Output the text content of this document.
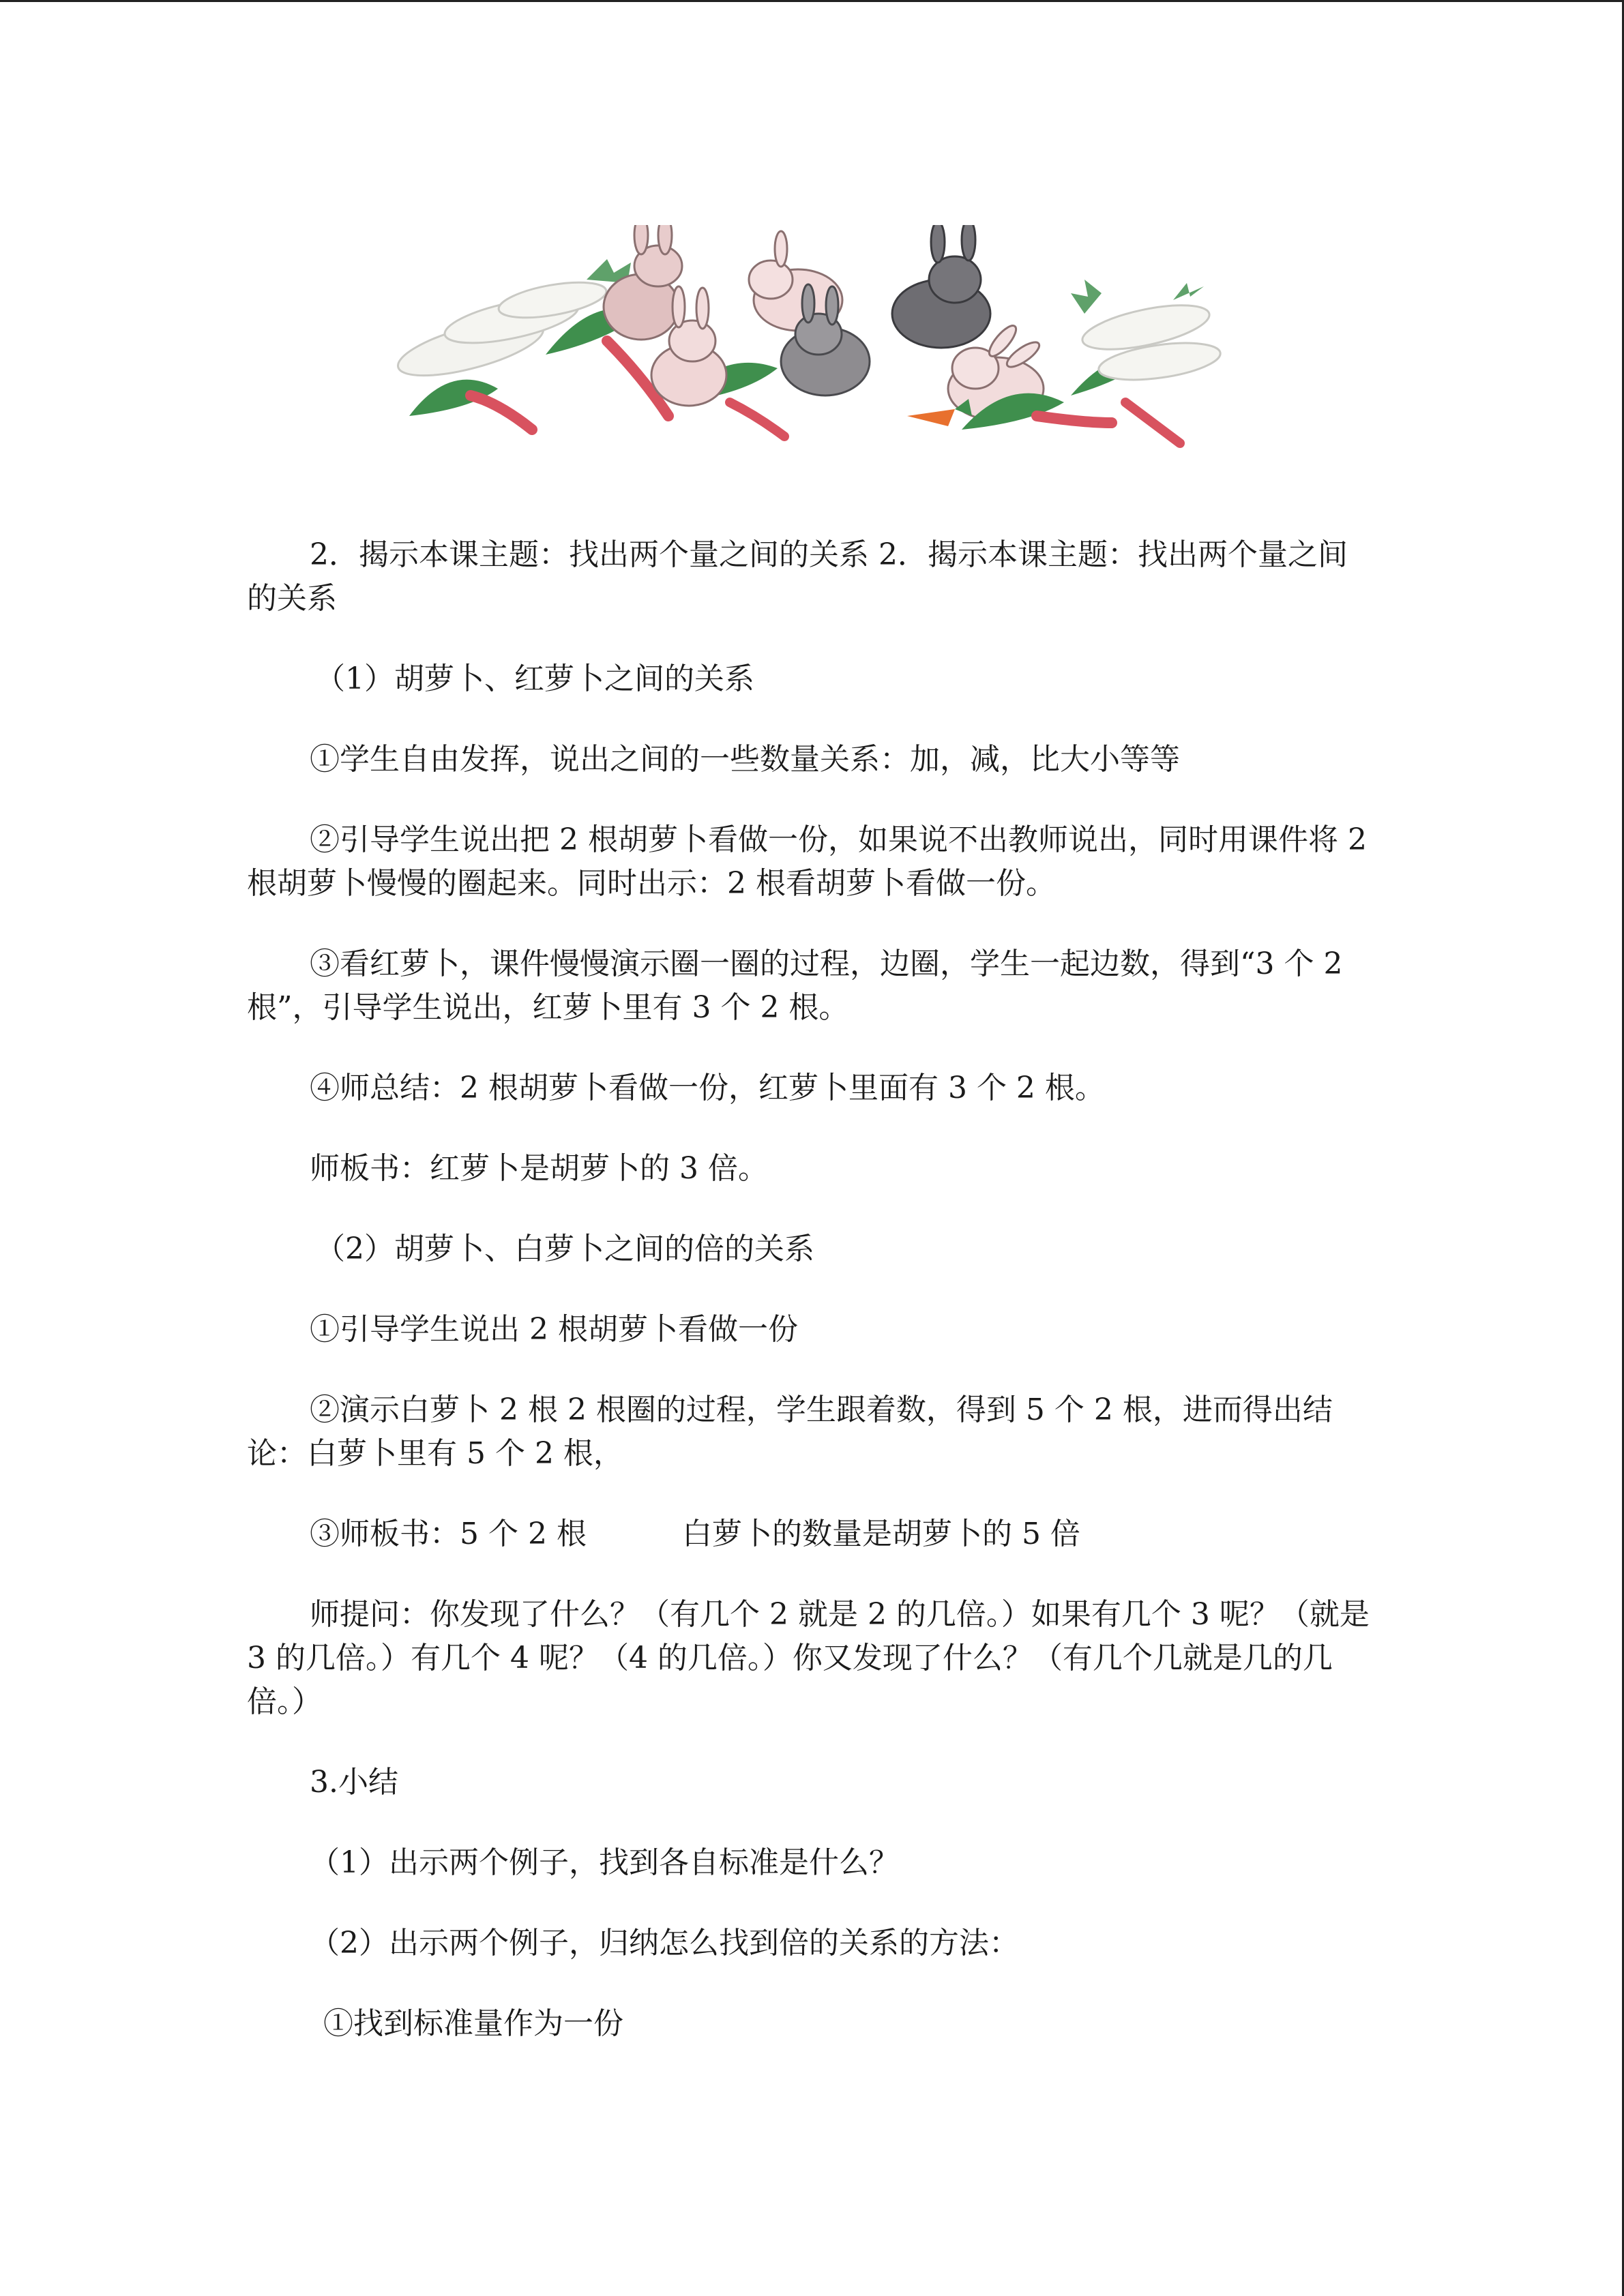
2．揭示本课主题：找出两个量之间的关系 2．揭示本课主题：找出两个量之间的关系

（1）胡萝卜、红萝卜之间的关系

①学生自由发挥，说出之间的一些数量关系：加，减，比大小等等

②引导学生说出把 2 根胡萝卜看做一份，如果说不出教师说出，同时用课件将 2 根胡萝卜慢慢的圈起来。同时出示：2 根看胡萝卜看做一份。

③看红萝卜，课件慢慢演示圈一圈的过程，边圈，学生一起边数，得到“3 个 2 根”，引导学生说出，红萝卜里有 3 个 2 根。

④师总结：2 根胡萝卜看做一份，红萝卜里面有 3 个 2 根。

师板书：红萝卜是胡萝卜的 3 倍。

（2）胡萝卜、白萝卜之间的倍的关系

①引导学生说出 2 根胡萝卜看做一份

②演示白萝卜 2 根 2 根圈的过程，学生跟着数，得到 5 个 2 根，进而得出结论：白萝卜里有 5 个 2 根，

③师板书：5 个 2 根	白萝卜的数量是胡萝卜的 5 倍

师提问：你发现了什么？（有几个 2 就是 2 的几倍。）如果有几个 3 呢？（就是 3 的几倍。）有几个 4 呢？（4 的几倍。）你又发现了什么？（有几个几就是几的几倍。）

3.小结

（1）出示两个例子，找到各自标准是什么？

（2）出示两个例子，归纳怎么找到倍的关系的方法：

①找到标准量作为一份
